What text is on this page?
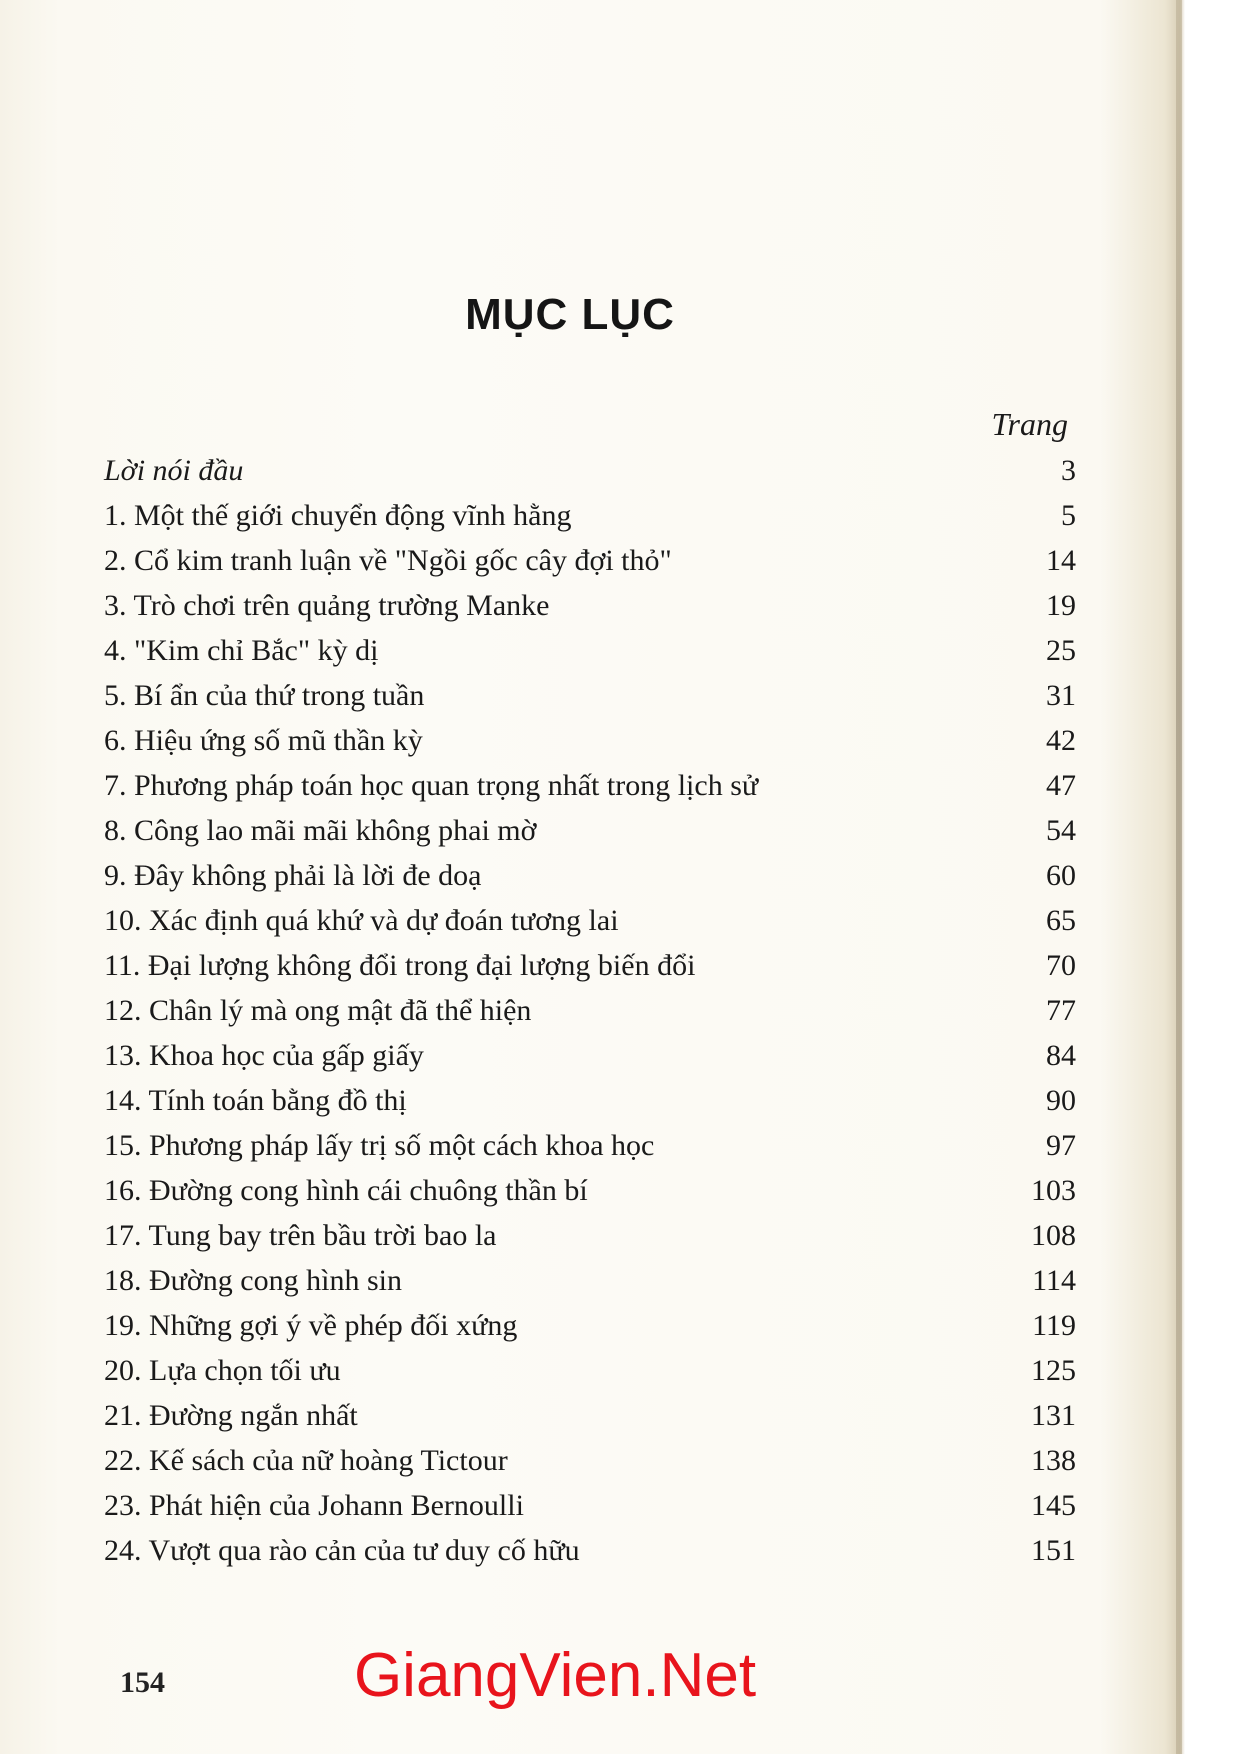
MỤC LỤC
Trang
Lời nói đầu	3
1. Một thế giới chuyển động vĩnh hằng	5
2. Cổ kim tranh luận về "Ngồi gốc cây đợi thỏ"	14
3. Trò chơi trên quảng trường Manke	19
4. "Kim chỉ Bắc" kỳ dị	25
5. Bí ẩn của thứ trong tuần	31
6. Hiệu ứng số mũ thần kỳ	42
7. Phương pháp toán học quan trọng nhất trong lịch sử	47
8. Công lao mãi mãi không phai mờ	54
9. Đây không phải là lời đe doạ	60
10. Xác định quá khứ và dự đoán tương lai	65
11. Đại lượng không đổi trong đại lượng biến đổi	70
12. Chân lý mà ong mật đã thể hiện	77
13. Khoa học của gấp giấy	84
14. Tính toán bằng đồ thị	90
15. Phương pháp lấy trị số một cách khoa học	97
16. Đường cong hình cái chuông thần bí	103
17. Tung bay trên bầu trời bao la	108
18. Đường cong hình sin	114
19. Những gợi ý về phép đối xứng	119
20. Lựa chọn tối ưu	125
21. Đường ngắn nhất	131
22. Kế sách của nữ hoàng Tictour	138
23. Phát hiện của Johann Bernoulli	145
24. Vượt qua rào cản của tư duy cố hữu	151
154	GiangVien.Net
